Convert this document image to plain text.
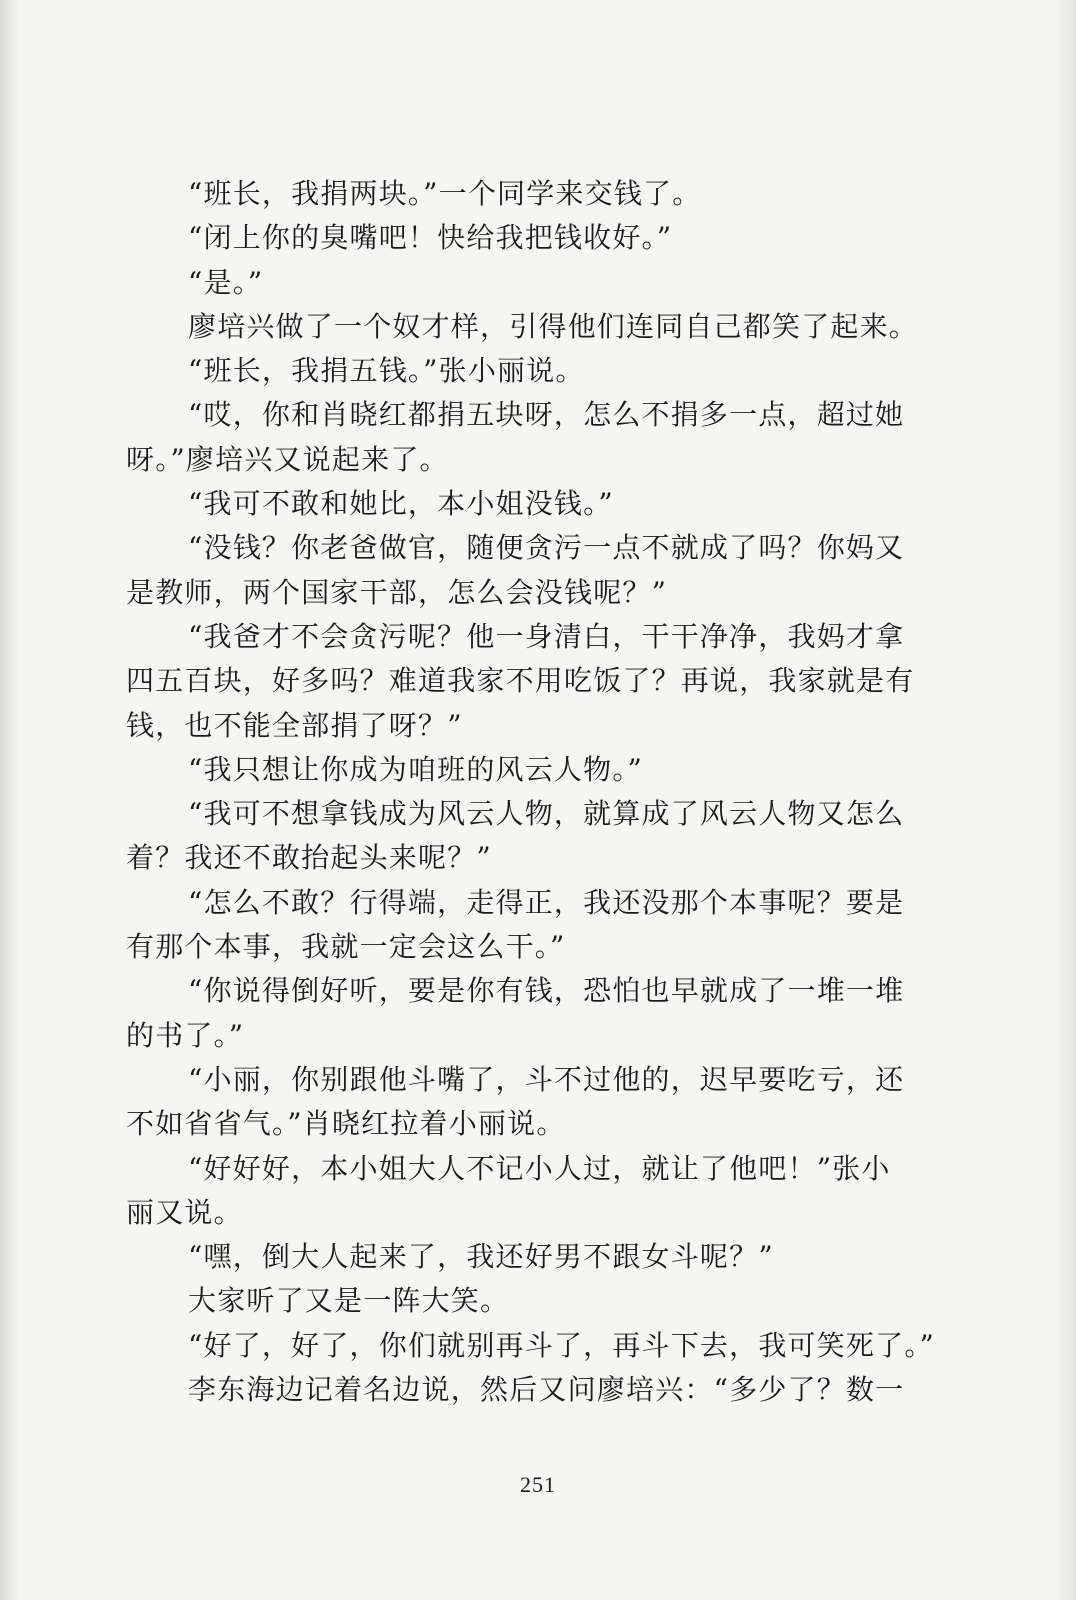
“班长，我捐两块。”一个同学来交钱了。
“闭上你的臭嘴吧！快给我把钱收好。”
“是。”
廖培兴做了一个奴才样，引得他们连同自己都笑了起来。
“班长，我捐五钱。”张小丽说。
“哎，你和肖晓红都捐五块呀，怎么不捐多一点，超过她
呀。”廖培兴又说起来了。
“我可不敢和她比，本小姐没钱。”
“没钱？你老爸做官，随便贪污一点不就成了吗？你妈又
是教师，两个国家干部，怎么会没钱呢？”
“我爸才不会贪污呢？他一身清白，干干净净，我妈才拿
四五百块，好多吗？难道我家不用吃饭了？再说，我家就是有
钱，也不能全部捐了呀？”
“我只想让你成为咱班的风云人物。”
“我可不想拿钱成为风云人物，就算成了风云人物又怎么
着？我还不敢抬起头来呢？”
“怎么不敢？行得端，走得正，我还没那个本事呢？要是
有那个本事，我就一定会这么干。”
“你说得倒好听，要是你有钱，恐怕也早就成了一堆一堆
的书了。”
“小丽，你别跟他斗嘴了，斗不过他的，迟早要吃亏，还
不如省省气。”肖晓红拉着小丽说。
“好好好，本小姐大人不记小人过，就让了他吧！”张小
丽又说。
“嘿，倒大人起来了，我还好男不跟女斗呢？”
大家听了又是一阵大笑。
“好了，好了，你们就别再斗了，再斗下去，我可笑死了。”
李东海边记着名边说，然后又问廖培兴：“多少了？数一
251
